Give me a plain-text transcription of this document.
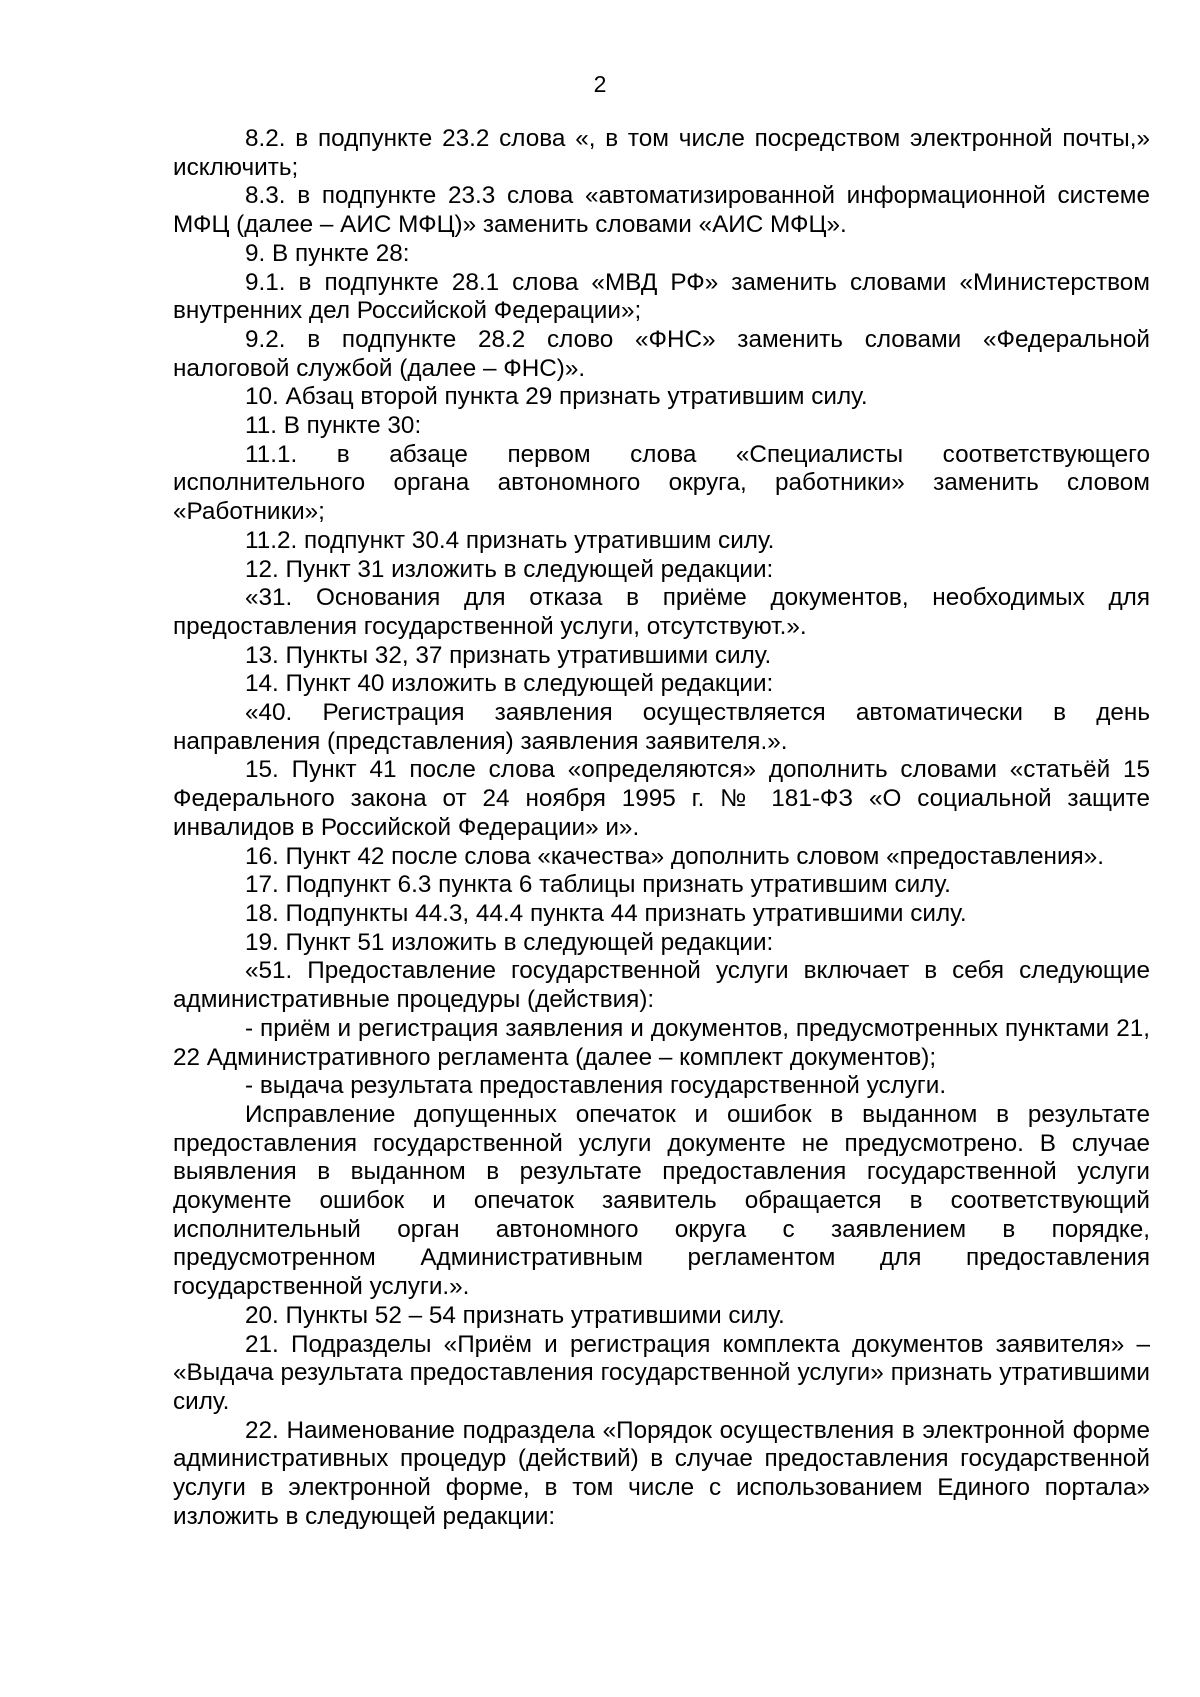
2

8.2. в подпункте 23.2 слова «, в том числе посредством электронной почты,» исключить;

8.3. в подпункте 23.3 слова «автоматизированной информационной системе МФЦ (далее – АИС МФЦ)» заменить словами «АИС МФЦ».

9. В пункте 28:

9.1. в подпункте 28.1 слова «МВД РФ» заменить словами «Министерством внутренних дел Российской Федерации»;

9.2. в подпункте 28.2 слово «ФНС» заменить словами «Федеральной налоговой службой (далее – ФНС)».

10. Абзац второй пункта 29 признать утратившим силу.

11. В пункте 30:

11.1. в абзаце первом слова «Специалисты соответствующего исполнительного органа автономного округа, работники» заменить словом «Работники»;

11.2. подпункт 30.4 признать утратившим силу.

12. Пункт 31 изложить в следующей редакции:

«31. Основания для отказа в приёме документов, необходимых для предоставления государственной услуги, отсутствуют.».

13. Пункты 32, 37 признать утратившими силу.

14. Пункт 40 изложить в следующей редакции:

«40. Регистрация заявления осуществляется автоматически в день направления (представления) заявления заявителя.».

15. Пункт 41 после слова «определяются» дополнить словами «статьёй 15 Федерального закона от 24 ноября 1995 г. № 181-ФЗ «О социальной защите инвалидов в Российской Федерации» и».

16. Пункт 42 после слова «качества» дополнить словом «предоставления».

17. Подпункт 6.3 пункта 6 таблицы признать утратившим силу.

18. Подпункты 44.3, 44.4 пункта 44 признать утратившими силу.

19. Пункт 51 изложить в следующей редакции:

«51. Предоставление государственной услуги включает в себя следующие административные процедуры (действия):

- приём и регистрация заявления и документов, предусмотренных пунктами 21, 22 Административного регламента (далее – комплект документов);

- выдача результата предоставления государственной услуги.

Исправление допущенных опечаток и ошибок в выданном в результате предоставления государственной услуги документе не предусмотрено. В случае выявления в выданном в результате предоставления государственной услуги документе ошибок и опечаток заявитель обращается в соответствующий исполнительный орган автономного округа с заявлением в порядке, предусмотренном Административным регламентом для предоставления государственной услуги.».

20. Пункты 52 – 54 признать утратившими силу.

21. Подразделы «Приём и регистрация комплекта документов заявителя» – «Выдача результата предоставления государственной услуги» признать утратившими силу.

22. Наименование подраздела «Порядок осуществления в электронной форме административных процедур (действий) в случае предоставления государственной услуги в электронной форме, в том числе с использованием Единого портала» изложить в следующей редакции:
